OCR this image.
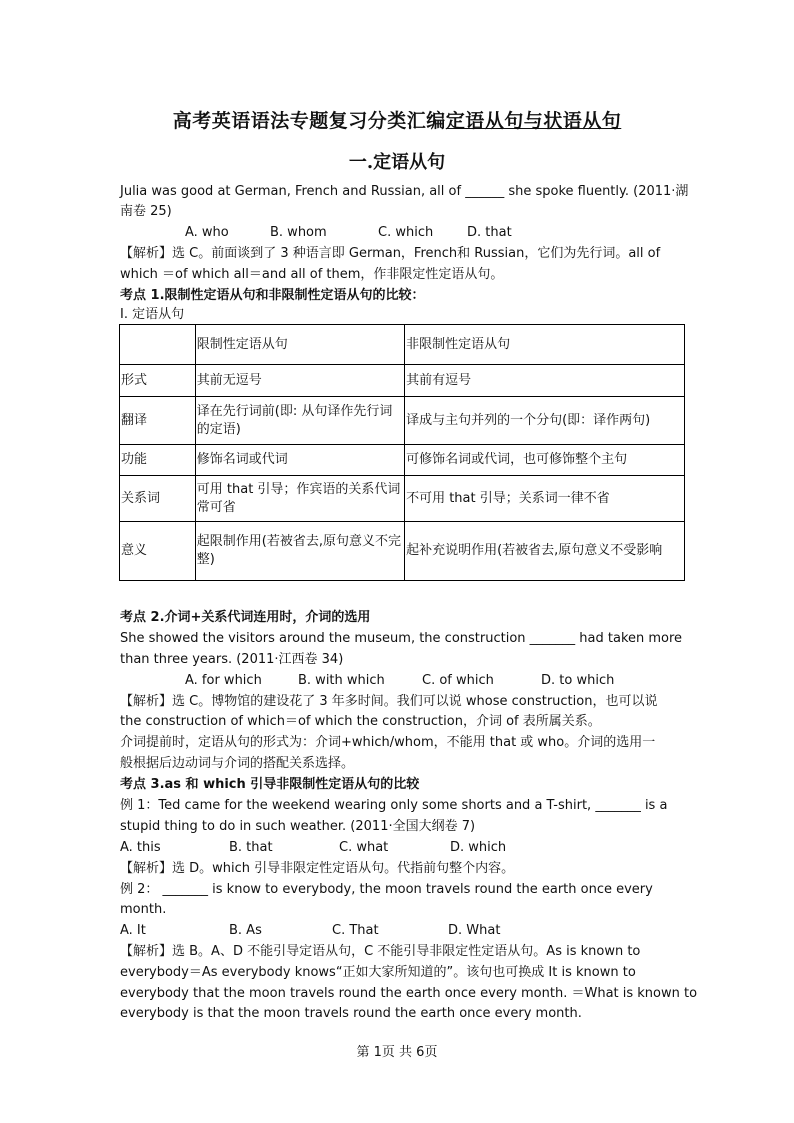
高考英语语法专题复习分类汇编定语从句与状语从句
一.定语从句
Julia was good at German, French and Russian, all of ______ she spoke fluently. (2011·湖
南卷 25)
A. who	B. whom	C. which	D. that
【解析】选 C。前面谈到了 3 种语言即 German，French和 Russian，它们为先行词。all of
which ＝of which all＝and all of them，作非限定性定语从句。
考点 1.限制性定语从句和非限制性定语从句的比较：
Ⅰ. 定语从句
	限制性定语从句	非限制性定语从句
形式	其前无逗号	其前有逗号
翻译	译在先行词前(即: 从句译作先行词的定语)	译成与主句并列的一个分句(即：译作两句)
功能	修饰名词或代词	可修饰名词或代词，也可修饰整个主句
关系词	可用 that 引导；作宾语的关系代词常可省	不可用 that 引导；关系词一律不省
意义	起限制作用(若被省去,原句意义不完整)	起补充说明作用(若被省去,原句意义不受影响
考点 2.介词+关系代词连用时，介词的选用
She showed the visitors around the museum, the construction _______ had taken more
than three years. (2011·江西卷 34)
A. for which	B. with which	C. of which	D. to which
【解析】选 C。博物馆的建设花了 3 年多时间。我们可以说 whose construction，也可以说
the construction of which＝of which the construction，介词 of 表所属关系。
介词提前时，定语从句的形式为：介词+which/whom，不能用 that 或 who。介词的选用一
般根据后边动词与介词的搭配关系选择。
考点 3.as 和 which 引导非限制性定语从句的比较
例 1：Ted came for the weekend wearing only some shorts and a T-shirt, _______ is a
stupid thing to do in such weather. (2011·全国大纲卷 7)
A. this	B. that	C. what	D. which
【解析】选 D。which 引导非限定性定语从句。代指前句整个内容。
例 2： _______ is know to everybody, the moon travels round the earth once every
month.
A. It	B. As	C. That	D. What
【解析】选 B。A、D 不能引导定语从句，C 不能引导非限定性定语从句。As is known to
everybody＝As everybody knows“正如大家所知道的”。该句也可换成 It is known to
everybody that the moon travels round the earth once every month. ＝What is known to
everybody is that the moon travels round the earth once every month.
第 1页 共 6页
